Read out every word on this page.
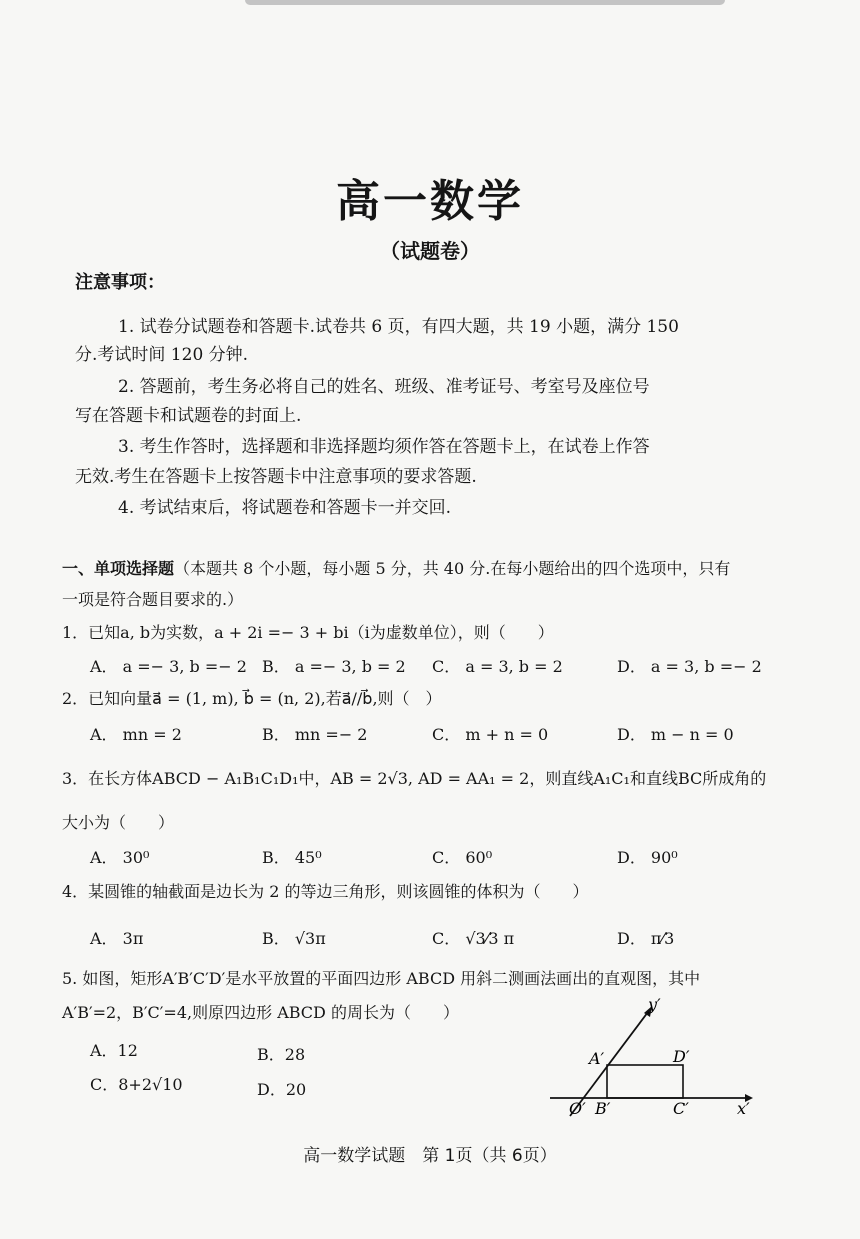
高一数学
（试题卷）
注意事项：
1. 试卷分试题卷和答题卡.试卷共 6 页，有四大题，共 19 小题，满分 150
分.考试时间 120 分钟.
2. 答题前，考生务必将自己的姓名、班级、准考证号、考室号及座位号
写在答题卡和试题卷的封面上.
3. 考生作答时，选择题和非选择题均须作答在答题卡上，在试卷上作答
无效.考生在答题卡上按答题卡中注意事项的要求答题.
4. 考试结束后，将试题卷和答题卡一并交回.
一、单项选择题（本题共 8 个小题，每小题 5 分，共 40 分.在每小题给出的四个选项中，只有
一项是符合题目要求的.）
1．已知a, b为实数，a + 2i =− 3 + bi（i为虚数单位），则（　　）
A． a =− 3, b =− 2 B． a =− 3, b = 2 C． a = 3, b = 2	D． a = 3, b =− 2
2．已知向量a⃗ = (1, m), b⃗ = (n, 2),若a⃗//b⃗,则（　）
A． mn = 2	B． mn =− 2	C． m + n = 0	D． m − n = 0
3．在长方体ABCD − A₁B₁C₁D₁中，AB = 2√3, AD = AA₁ = 2，则直线A₁C₁和直线BC所成角的
大小为（　　）
A． 30⁰	B． 45⁰	C． 60⁰	D． 90⁰
4．某圆锥的轴截面是边长为 2 的等边三角形，则该圆锥的体积为（　　）
A． 3π	B． √3π	C． √3⁄3 π	D． π⁄3
5. 如图，矩形A′B′C′D′是水平放置的平面四边形 ABCD 用斜二测画法画出的直观图，其中
A′B′=2，B′C′=4,则原四边形 ABCD 的周长为（　　）
A．12	B．28
C．8+2√10	D．20
y′
A′	D′
O′ B′	C′	x′
高一数学试题　第 1页（共 6页）
